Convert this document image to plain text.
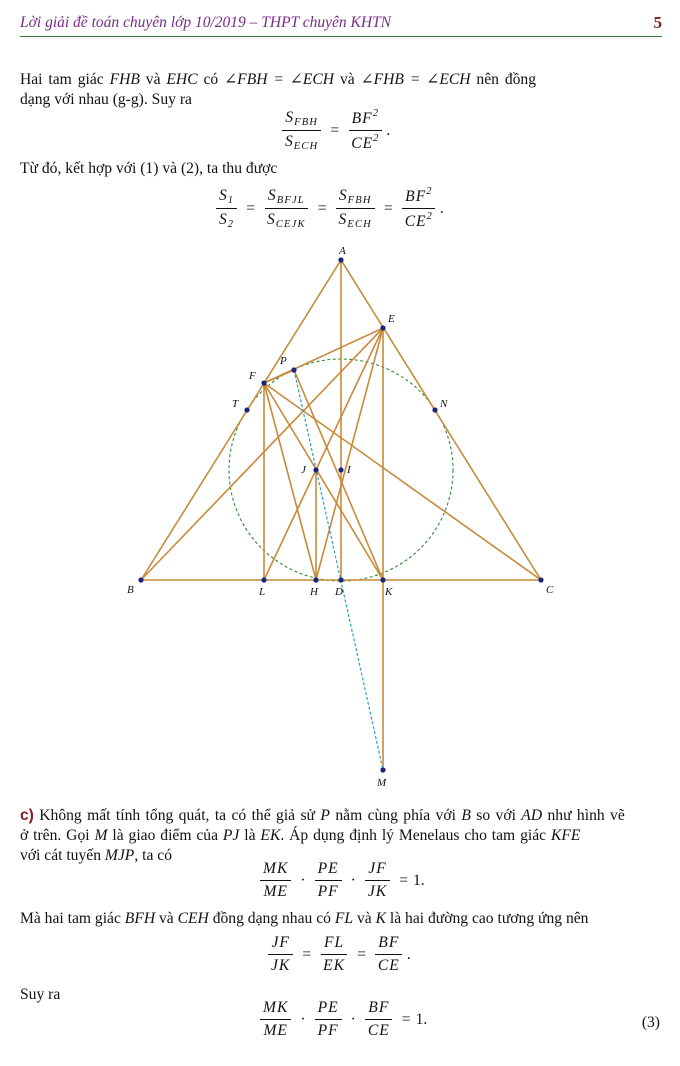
Lời giải đề toán chuyên lớp 10/2019 – THPT chuyên KHTN	5
Hai tam giác FHB và EHC có ∠FBH = ∠ECH và ∠FHB = ∠ECH nên đồng
dạng với nhau (g-g). Suy ra
$\frac{S_{FBH}}{S_{ECH}} = \frac{BF^2}{CE^2}$ .
Từ đó, kết hợp với (1) và (2), ta thu được
$\frac{S_1}{S_2} = \frac{S_{BFJL}}{S_{CEJK}} = \frac{S_{FBH}}{S_{ECH}} = \frac{BF^2}{CE^2}$ .
A
E
P
F
T	N
J	I
B	L	H D	K	C
M
c) Không mất tính tổng quát, ta có thể giả sử P nằm cùng phía với B so với AD như hình vẽ
ở trên. Gọi M là giao điểm của PJ là EK. Áp dụng định lý Menelaus cho tam giác KFE
với cát tuyến MJP, ta có
$\frac{MK}{ME} \cdot \frac{PE}{PF} \cdot \frac{JF}{JK} = 1$.
Mà hai tam giác BFH và CEH đồng dạng nhau có FL và K là hai đường cao tương ứng nên
$\frac{JF}{JK} = \frac{FL}{EK} = \frac{BF}{CE}$ .
Suy ra
$\frac{MK}{ME} \cdot \frac{PE}{PF} \cdot \frac{BF}{CE} = 1$.	(3)
